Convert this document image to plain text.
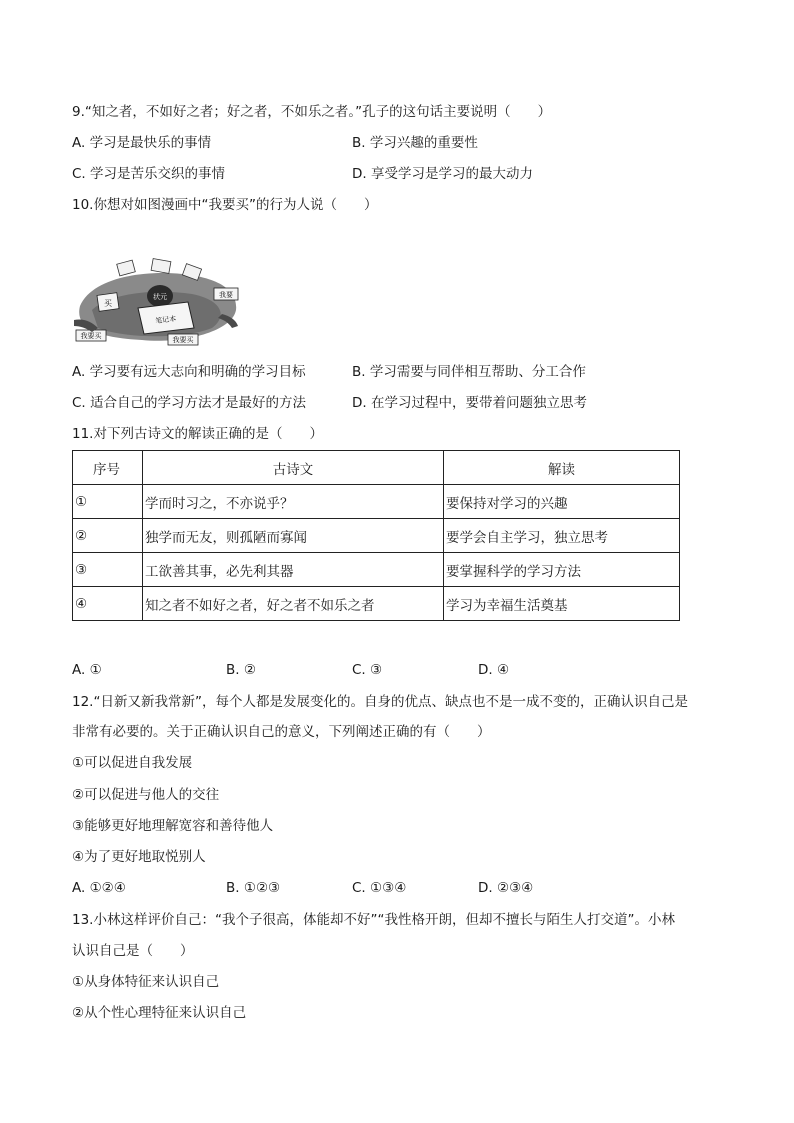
9.“知之者，不如好之者；好之者，不如乐之者。”孔子的这句话主要说明（　　）
A. 学习是最快乐的事情	B. 学习兴趣的重要性
C. 学习是苦乐交织的事情	D. 享受学习是学习的最大动力
10.你想对如图漫画中“我要买”的行为人说（　　）
状元
笔记本
买
我要
我要买
我要买
A. 学习要有远大志向和明确的学习目标	B. 学习需要与同伴相互帮助、分工合作
C. 适合自己的学习方法才是最好的方法	D. 在学习过程中，要带着问题独立思考
11.对下列古诗文的解读正确的是（　　）
序号	古诗文	解读
①	学而时习之，不亦说乎？	要保持对学习的兴趣
②	独学而无友，则孤陋而寡闻	要学会自主学习，独立思考
③	工欲善其事，必先利其器	要掌握科学的学习方法
④	知之者不如好之者，好之者不如乐之者	学习为幸福生活奠基
A. ①	B. ②	C. ③	D. ④
12.“日新又新我常新”，每个人都是发展变化的。自身的优点、缺点也不是一成不变的，正确认识自己是
非常有必要的。关于正确认识自己的意义，下列阐述正确的有（　　）
①可以促进自我发展
②可以促进与他人的交往
③能够更好地理解宽容和善待他人
④为了更好地取悦别人
A. ①②④	B. ①②③	C. ①③④	D. ②③④
13.小林这样评价自己：“我个子很高，体能却不好”“我性格开朗，但却不擅长与陌生人打交道”。小林
认识自己是（　　）
①从身体特征来认识自己
②从个性心理特征来认识自己
